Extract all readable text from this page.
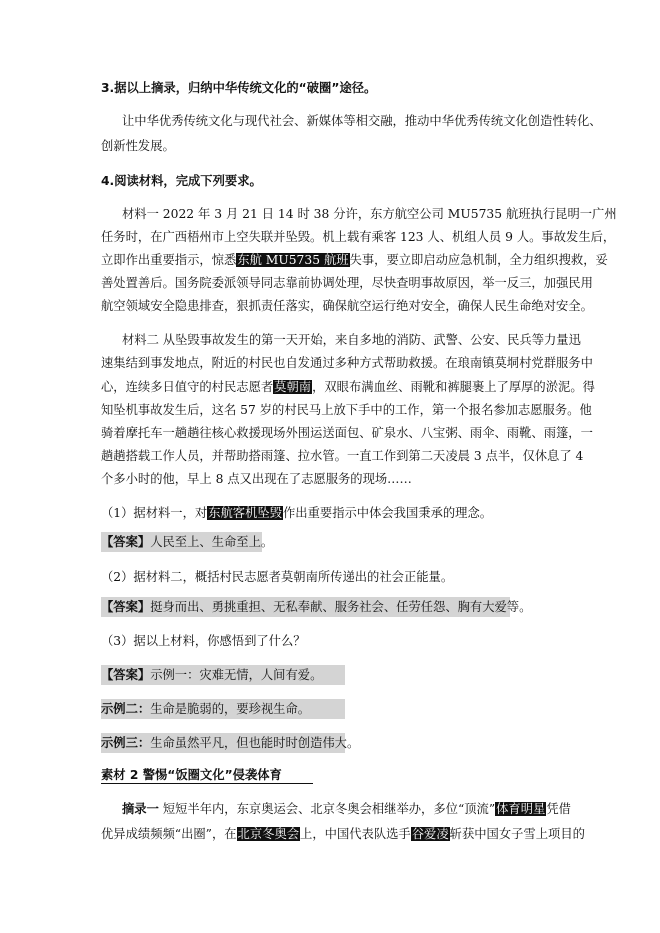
3.据以上摘录，归纳中华传统文化的“破圈”途径。
让中华优秀传统文化与现代社会、新媒体等相交融，推动中华优秀传统文化创造性转化、
创新性发展。
4.阅读材料，完成下列要求。
材料一 2022 年 3 月 21 日 14 时 38 分许，东方航空公司 MU5735 航班执行昆明一广州
任务时，在广西梧州市上空失联并坠毁。机上载有乘客 123 人、机组人员 9 人。事故发生后，
立即作出重要指示，惊悉东航 MU5735 航班失事，要立即启动应急机制，全力组织搜救，妥
善处置善后。国务院委派领导同志靠前协调处理，尽快查明事故原因，举一反三，加强民用
航空领域安全隐患排查，狠抓责任落实，确保航空运行绝对安全，确保人民生命绝对安全。
材料二 从坠毁事故发生的第一天开始，来自多地的消防、武警、公安、民兵等力量迅
速集结到事发地点，附近的村民也自发通过多种方式帮助救援。在琅南镇莫垌村党群服务中
心，连续多日值守的村民志愿者莫朝南，双眼布满血丝、雨靴和裤腿裹上了厚厚的淤泥。得
知坠机事故发生后，这名 57 岁的村民马上放下手中的工作，第一个报名参加志愿服务。他
骑着摩托车一趟趟往核心救援现场外围运送面包、矿泉水、八宝粥、雨伞、雨靴、雨篷，一
趟趟搭载工作人员，并帮助搭雨篷、拉水管。一直工作到第二天凌晨 3 点半，仅休息了 4
个多小时的他，早上 8 点又出现在了志愿服务的现场……
（1）据材料一，对东航客机坠毁作出重要指示中体会我国秉承的理念。
【答案】人民至上、生命至上。
（2）据材料二，概括村民志愿者莫朝南所传递出的社会正能量。
【答案】挺身而出、勇挑重担、无私奉献、服务社会、任劳任怨、胸有大爱等。
（3）据以上材料，你感悟到了什么？
【答案】示例一：灾难无情，人间有爱。
示例二：生命是脆弱的，要珍视生命。
示例三：生命虽然平凡，但也能时时创造伟大。
素材 2 警惕“饭圈文化”侵袭体育
摘录一 短短半年内，东京奥运会、北京冬奥会相继举办，多位“顶流”体育明星凭借
优异成绩频频“出圈”，在北京冬奥会上，中国代表队选手谷爱凌斩获中国女子雪上项目的
